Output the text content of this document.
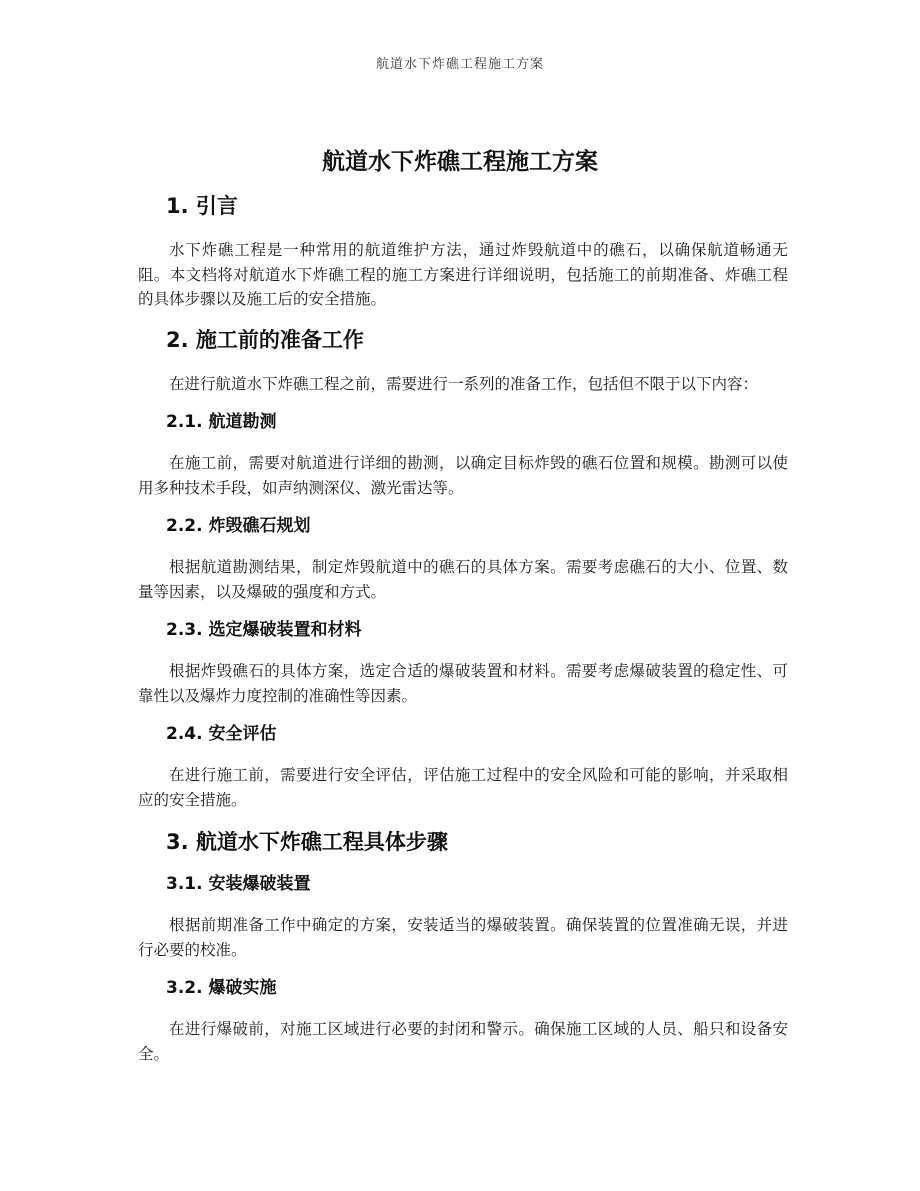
航道水下炸礁工程施工方案
航道水下炸礁工程施工方案
1. 引言

水下炸礁工程是一种常用的航道维护方法，通过炸毁航道中的礁石，以确保航道畅通无阻。本文档将对航道水下炸礁工程的施工方案进行详细说明，包括施工的前期准备、炸礁工程的具体步骤以及施工后的安全措施。

2. 施工前的准备工作

在进行航道水下炸礁工程之前，需要进行一系列的准备工作，包括但不限于以下内容：

2.1. 航道勘测

在施工前，需要对航道进行详细的勘测，以确定目标炸毁的礁石位置和规模。勘测可以使用多种技术手段，如声纳测深仪、激光雷达等。

2.2. 炸毁礁石规划

根据航道勘测结果，制定炸毁航道中的礁石的具体方案。需要考虑礁石的大小、位置、数量等因素，以及爆破的强度和方式。

2.3. 选定爆破装置和材料

根据炸毁礁石的具体方案，选定合适的爆破装置和材料。需要考虑爆破装置的稳定性、可靠性以及爆炸力度控制的准确性等因素。

2.4. 安全评估

在进行施工前，需要进行安全评估，评估施工过程中的安全风险和可能的影响，并采取相应的安全措施。

3. 航道水下炸礁工程具体步骤
3.1. 安装爆破装置

根据前期准备工作中确定的方案，安装适当的爆破装置。确保装置的位置准确无误，并进行必要的校准。

3.2. 爆破实施

在进行爆破前，对施工区域进行必要的封闭和警示。确保施工区域的人员、船只和设备安全。
